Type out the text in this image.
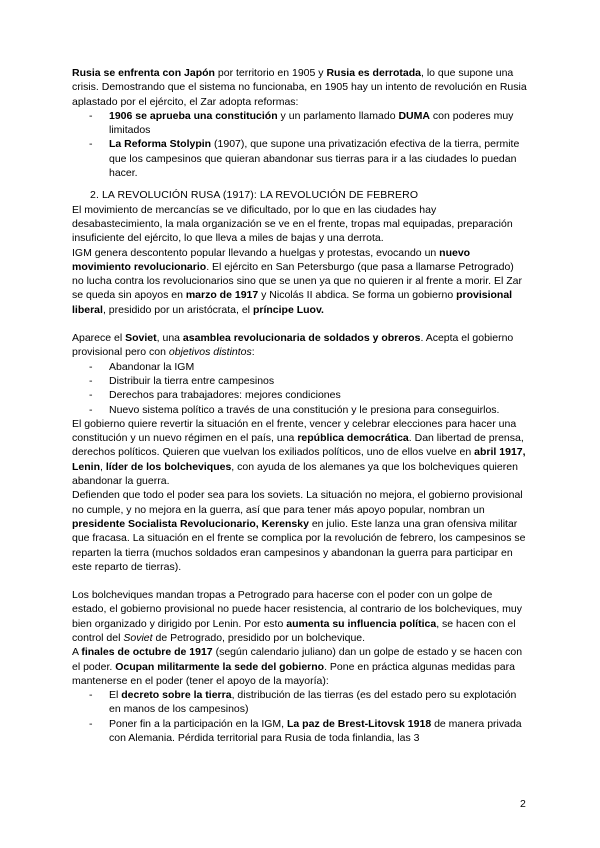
Rusia se enfrenta con Japón por territorio en 1905 y Rusia es derrotada, lo que supone una crisis. Demostrando que el sistema no funcionaba, en 1905 hay un intento de revolución en Rusia aplastado por el ejército, el Zar adopta reformas:

- 1906 se aprueba una constitución y un parlamento llamado DUMA con poderes muy limitados
- La Reforma Stolypin (1907), que supone una privatización efectiva de la tierra, permite que los campesinos que quieran abandonar sus tierras para ir a las ciudades lo puedan hacer.
2. LA REVOLUCIÓN RUSA (1917): LA REVOLUCIÓN DE FEBRERO

El movimiento de mercancías se ve dificultado, por lo que en las ciudades hay desabastecimiento, la mala organización se ve en el frente, tropas mal equipadas, preparación insuficiente del ejército, lo que lleva a miles de bajas y una derrota.

IGM genera descontento popular llevando a huelgas y protestas, evocando un nuevo movimiento revolucionario. El ejército en San Petersburgo (que pasa a llamarse Petrogrado) no lucha contra los revolucionarios sino que se unen ya que no quieren ir al frente a morir. El Zar se queda sin apoyos en marzo de 1917 y Nicolás II abdica. Se forma un gobierno provisional liberal, presidido por un aristócrata, el príncipe Luov.

Aparece el Soviet, una asamblea revolucionaria de soldados y obreros. Acepta el gobierno provisional pero con objetivos distintos:

- Abandonar la IGM
- Distribuir la tierra entre campesinos
- Derechos para trabajadores: mejores condiciones
- Nuevo sistema político a través de una constitución y le presiona para conseguirlos.

El gobierno quiere revertir la situación en el frente, vencer y celebrar elecciones para hacer una constitución y un nuevo régimen en el país, una república democrática. Dan libertad de prensa, derechos políticos. Quieren que vuelvan los exiliados políticos, uno de ellos vuelve en abril 1917, Lenin, líder de los bolcheviques, con ayuda de los alemanes ya que los bolcheviques quieren abandonar la guerra.

Defienden que todo el poder sea para los soviets. La situación no mejora, el gobierno provisional no cumple, y no mejora en la guerra, así que para tener más apoyo popular, nombran un presidente Socialista Revolucionario, Kerensky en julio. Este lanza una gran ofensiva militar que fracasa. La situación en el frente se complica por la revolución de febrero, los campesinos se reparten la tierra (muchos soldados eran campesinos y abandonan la guerra para participar en este reparto de tierras).

Los bolcheviques mandan tropas a Petrogrado para hacerse con el poder con un golpe de estado, el gobierno provisional no puede hacer resistencia, al contrario de los bolcheviques, muy bien organizado y dirigido por Lenin. Por esto aumenta su influencia política, se hacen con el control del Soviet de Petrogrado, presidido por un bolchevique.

A finales de octubre de 1917 (según calendario juliano) dan un golpe de estado y se hacen con el poder. Ocupan militarmente la sede del gobierno. Pone en práctica algunas medidas para mantenerse en el poder (tener el apoyo de la mayoría):

- El decreto sobre la tierra, distribución de las tierras (es del estado pero su explotación en manos de los campesinos)
- Poner fin a la participación en la IGM, La paz de Brest-Litovsk 1918 de manera privada con Alemania. Pérdida territorial para Rusia de toda finlandia, las 3
2
